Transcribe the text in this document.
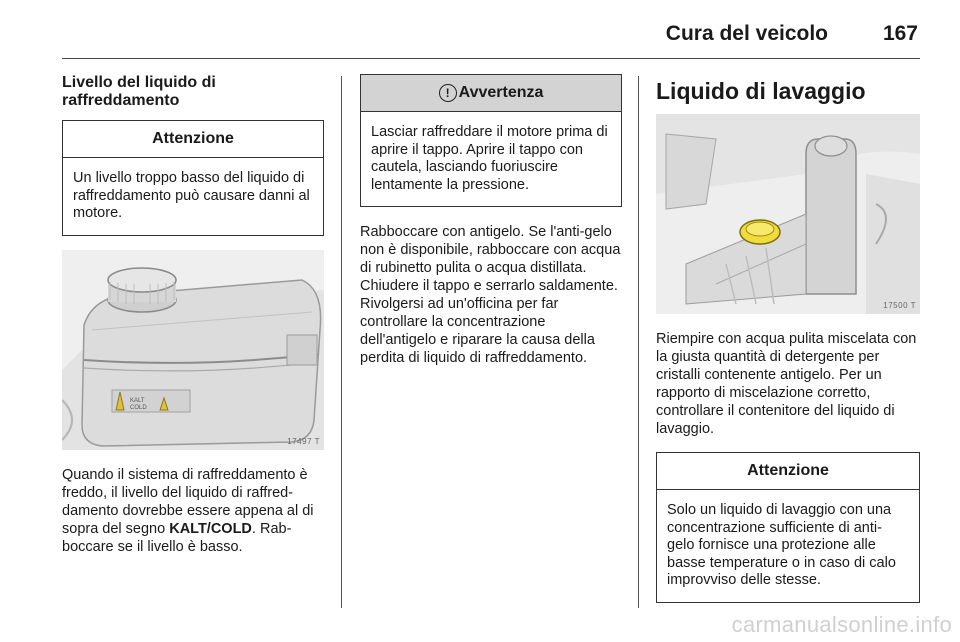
Cura del veicolo	167
Livello del liquido di raffreddamento
Attenzione
Un livello troppo basso del liquido di raffreddamento può causare danni al motore.
KALT
COLD
17497 T

Quando il sistema di raffreddamento è freddo, il livello del liquido di raffred-damento dovrebbe essere appena al di sopra del segno KALT/COLD. Rab-boccare se il livello è basso.

! Avvertenza
Lasciar raffreddare il motore prima di aprire il tappo. Aprire il tappo con cautela, lasciando fuoriuscire lentamente la pressione.

Rabboccare con antigelo. Se l'anti-gelo non è disponibile, rabboccare con acqua di rubinetto pulita o acqua distillata. Chiudere il tappo e serrarlo saldamente. Rivolgersi ad un'officina per far controllare la concentrazione dell'antigelo e riparare la causa della perdita di liquido di raffreddamento.

Liquido di lavaggio
17500 T

Riempire con acqua pulita miscelata con la giusta quantità di detergente per cristalli contenente antigelo. Per un rapporto di miscelazione corretto, controllare il contenitore del liquido di lavaggio.

Attenzione
Solo un liquido di lavaggio con una concentrazione sufficiente di anti-gelo fornisce una protezione alle basse temperature o in caso di calo improvviso delle stesse.
carmanualsonline.info
